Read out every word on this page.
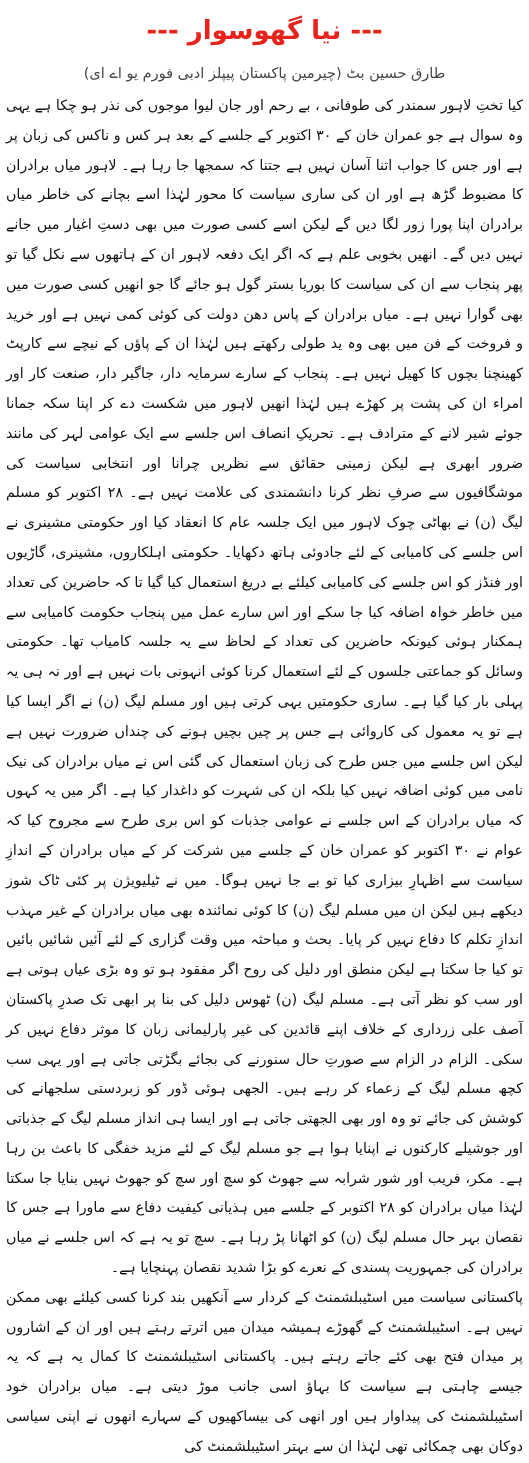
--- نیا گھوسوار ---
طارق حسین بٹ (چیرمین پاکستان پیپلز ادبی فورم یو اے ای)

کیا تختِ لاہور سمندر کی طوفانی ، بے رحم اور جان لیوا موجوں کی نذر ہو چکا ہے یہی وہ سوال ہے جو عمران خان کے ۳۰ اکتوبر کے جلسے کے بعد ہر کس و ناکس کی زبان پر ہے اور جس کا جواب اتنا آسان نہیں ہے جتنا کہ سمجھا جا رہا ہے۔ لاہور میاں برادران کا مضبوط گڑھ ہے اور ان کی ساری سیاست کا محور لہٰذا اسے بچانے کی خاطر میاں برادران اپنا پورا زور لگا دیں گے لیکن اسے کسی صورت میں بھی دستِ اغیار میں جانے نہیں دیں گے۔ انھیں بخوبی علم ہے کہ اگر ایک دفعہ لاہور ان کے ہاتھوں سے نکل گیا تو پھر پنجاب سے ان کی سیاست کا بوریا بستر گول ہو جائے گا جو انھیں کسی صورت میں بھی گوارا نہیں ہے۔ میاں برادران کے پاس دھن دولت کی کوئی کمی نہیں ہے اور خرید و فروخت کے فن میں بھی وہ ید طولی رکھتے ہیں لہٰذا ان کے پاؤں کے نیچے سے کارپٹ کھینچنا بچوں کا کھیل نہیں ہے۔ پنجاب کے سارے سرمایہ دار، جاگیر دار، صنعت کار اور امراء ان کی پشت پر کھڑے ہیں لہٰذا انھیں لاہور میں شکست دے کر اپنا سکہ جمانا جوئے شیر لانے کے مترادف ہے۔ تحریکِ انصاف اس جلسے سے ایک عوامی لہر کی مانند ضرور ابھری ہے لیکن زمینی حقائق سے نظریں چرانا اور انتخابی سیاست کی موشگافیوں سے صرفِ نظر کرنا دانشمندی کی علامت نہیں ہے۔ ۲۸ اکتوبر کو مسلم لیگ (ن) نے بھاٹی چوک لاہور میں ایک جلسہ عام کا انعقاد کیا اور حکومتی مشینری نے اس جلسے کی کامیابی کے لئے جادوئی ہاتھ دکھایا۔ حکومتی اہلکاروں، مشینری، گاڑیوں اور فنڈز کو اس جلسے کی کامیابی کیلئے بے دریغ استعمال کیا گیا تا کہ حاضرین کی تعداد میں خاطر خواہ اضافہ کیا جا سکے اور اس سارے عمل میں پنجاب حکومت کامیابی سے ہمکنار ہوئی کیونکہ حاضرین کی تعداد کے لحاظ سے یہ جلسہ کامیاب تھا۔ حکومتی وسائل کو جماعتی جلسوں کے لئے استعمال کرنا کوئی انہونی بات نہیں ہے اور نہ ہی یہ پہلی بار کیا گیا ہے۔ ساری حکومتیں یہی کرتی ہیں اور مسلم لیگ (ن) نے اگر ایسا کیا ہے تو یہ معمول کی کاروائی ہے جس پر چیں بچیں ہونے کی چنداں ضرورت نہیں ہے لیکن اس جلسے میں جس طرح کی زبان استعمال کی گئی اس نے میاں برادران کی نیک نامی میں کوئی اضافہ نہیں کیا بلکہ ان کی شہرت کو داغدار کیا ہے۔ اگر میں یہ کہوں کہ میاں برادران کے اس جلسے نے عوامی جذبات کو اس بری طرح سے مجروح کیا کہ عوام نے ۳۰ اکتوبر کو عمران خان کے جلسے میں شرکت کر کے میاں برادران کے اندازِ سیاست سے اظہارِ بیزاری کیا تو بے جا نہیں ہوگا۔ میں نے ٹیلیویژن پر کئی ٹاک شوز دیکھے ہیں لیکن ان میں مسلم لیگ (ن) کا کوئی نمائندہ بھی میاں برادران کے غیر مہذب اندازِ تکلم کا دفاع نہیں کر پایا۔ بحث و مباحثہ میں وقت گزاری کے لئے آئیں شائیں بائیں تو کیا جا سکتا ہے لیکن منطق اور دلیل کی روح اگر مفقود ہو تو وہ بڑی عیاں ہوتی ہے اور سب کو نظر آتی ہے۔ مسلم لیگ (ن) ٹھوس دلیل کی بنا پر ابھی تک صدرِ پاکستان آصف علی زرداری کے خلاف اپنے قائدین کی غیر پارلیمانی زبان کا موثر دفاع نہیں کر سکی۔ الزام در الزام سے صورتِ حال سنورنے کی بجائے بگڑتی جاتی ہے اور یہی سب کچھ مسلم لیگ کے زعماء کر رہے ہیں۔ الجھی ہوئی ڈور کو زبردستی سلجھانے کی کوشش کی جائے تو وہ اور بھی الجھتی جاتی ہے اور ایسا ہی انداز مسلم لیگ کے جذباتی اور جوشیلے کارکنوں نے اپنایا ہوا ہے جو مسلم لیگ کے لئے مزید خفگی کا باعث بن رہا ہے۔ مکر، فریب اور شور شرابہ سے جھوٹ کو سچ اور سچ کو جھوٹ نہیں بنایا جا سکتا لہٰذا میاں برادران کو ۲۸ اکتوبر کے جلسے میں ہذیانی کیفیت دفاع سے ماورا ہے جس کا نقصان بہر حال مسلم لیگ (ن) کو اٹھانا پڑ رہا ہے۔ سچ تو یہ ہے کہ اس جلسے نے میاں برادران کی جمہوریت پسندی کے نعرے کو بڑا شدید نقصان پہنچایا ہے۔

پاکستانی سیاست میں اسٹیبلشمنٹ کے کردار سے آنکھیں بند کرنا کسی کیلئے بھی ممکن نہیں ہے۔ اسٹیبلشمنٹ کے گھوڑے ہمیشہ میدان میں اترتے رہتے ہیں اور ان کے اشاروں پر میدان فتح بھی کئے جاتے رہتے ہیں۔ پاکستانی اسٹیبلشمنٹ کا کمال یہ ہے کہ یہ جیسے چاہتی ہے سیاست کا بہاؤ اسی جانب موڑ دیتی ہے۔ میاں برادران خود اسٹیبلشمنٹ کی پیداوار ہیں اور انھی کی بیساکھیوں کے سہارے انھوں نے اپنی سیاسی دوکان بھی چمکائی تھی لہٰذا ان سے بہتر اسٹیبلشمنٹ کی
